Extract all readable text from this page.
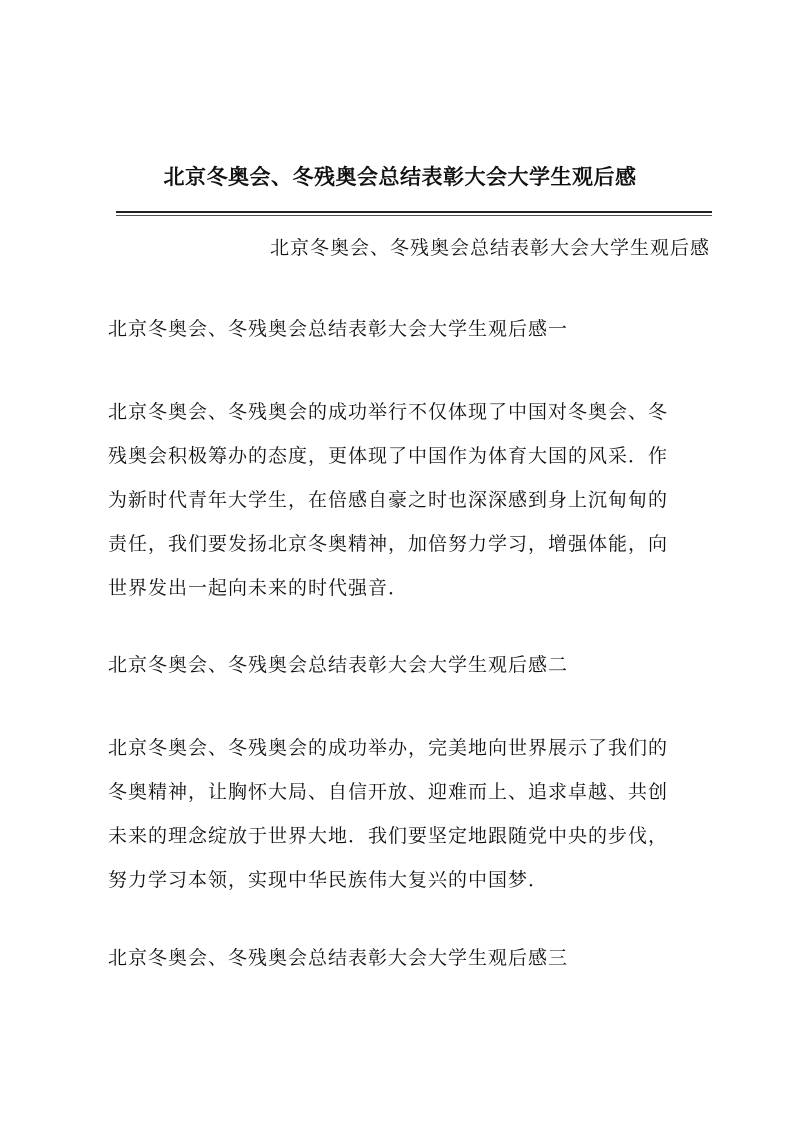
北京冬奥会、冬残奥会总结表彰大会大学生观后感
北京冬奥会、冬残奥会总结表彰大会大学生观后感
北京冬奥会、冬残奥会总结表彰大会大学生观后感一
北京冬奥会、冬残奥会的成功举行不仅体现了中国对冬奥会、冬
残奥会积极筹办的态度，更体现了中国作为体育大国的风采．作
为新时代青年大学生，在倍感自豪之时也深深感到身上沉甸甸的
责任，我们要发扬北京冬奥精神，加倍努力学习，增强体能，向
世界发出一起向未来的时代强音．
北京冬奥会、冬残奥会总结表彰大会大学生观后感二
北京冬奥会、冬残奥会的成功举办，完美地向世界展示了我们的
冬奥精神，让胸怀大局、自信开放、迎难而上、追求卓越、共创
未来的理念绽放于世界大地．我们要坚定地跟随党中央的步伐，
努力学习本领，实现中华民族伟大复兴的中国梦．
北京冬奥会、冬残奥会总结表彰大会大学生观后感三
